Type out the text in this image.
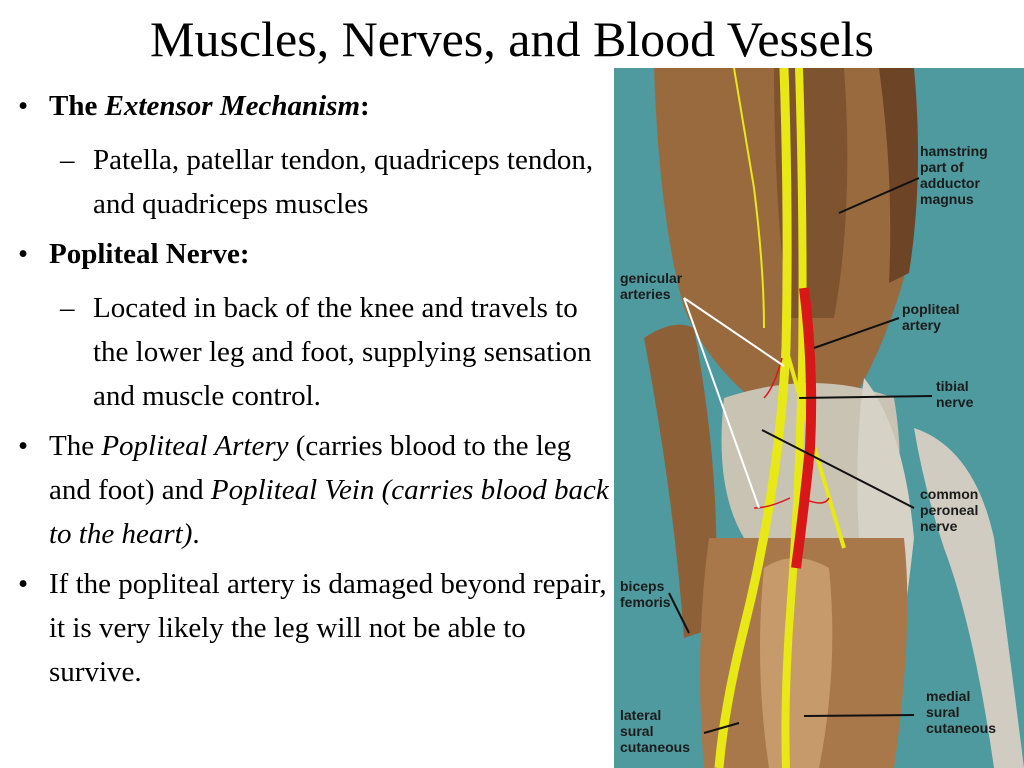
Muscles, Nerves, and Blood Vessels
• The Extensor Mechanism:
– Patella, patellar tendon, quadriceps tendon, and quadriceps muscles
• Popliteal Nerve:
– Located in back of the knee and travels to the lower leg and foot, supplying sensation and muscle control.
• The Popliteal Artery (carries blood to the leg and foot) and Popliteal Vein (carries blood back to the heart).
• If the popliteal artery is damaged beyond repair, it is very likely the leg will not be able to survive.
hamstring part of adductor magnus
genicular arteries
popliteal artery
tibial nerve
common peroneal nerve
biceps femoris
medial sural cutaneous
lateral sural cutaneous
